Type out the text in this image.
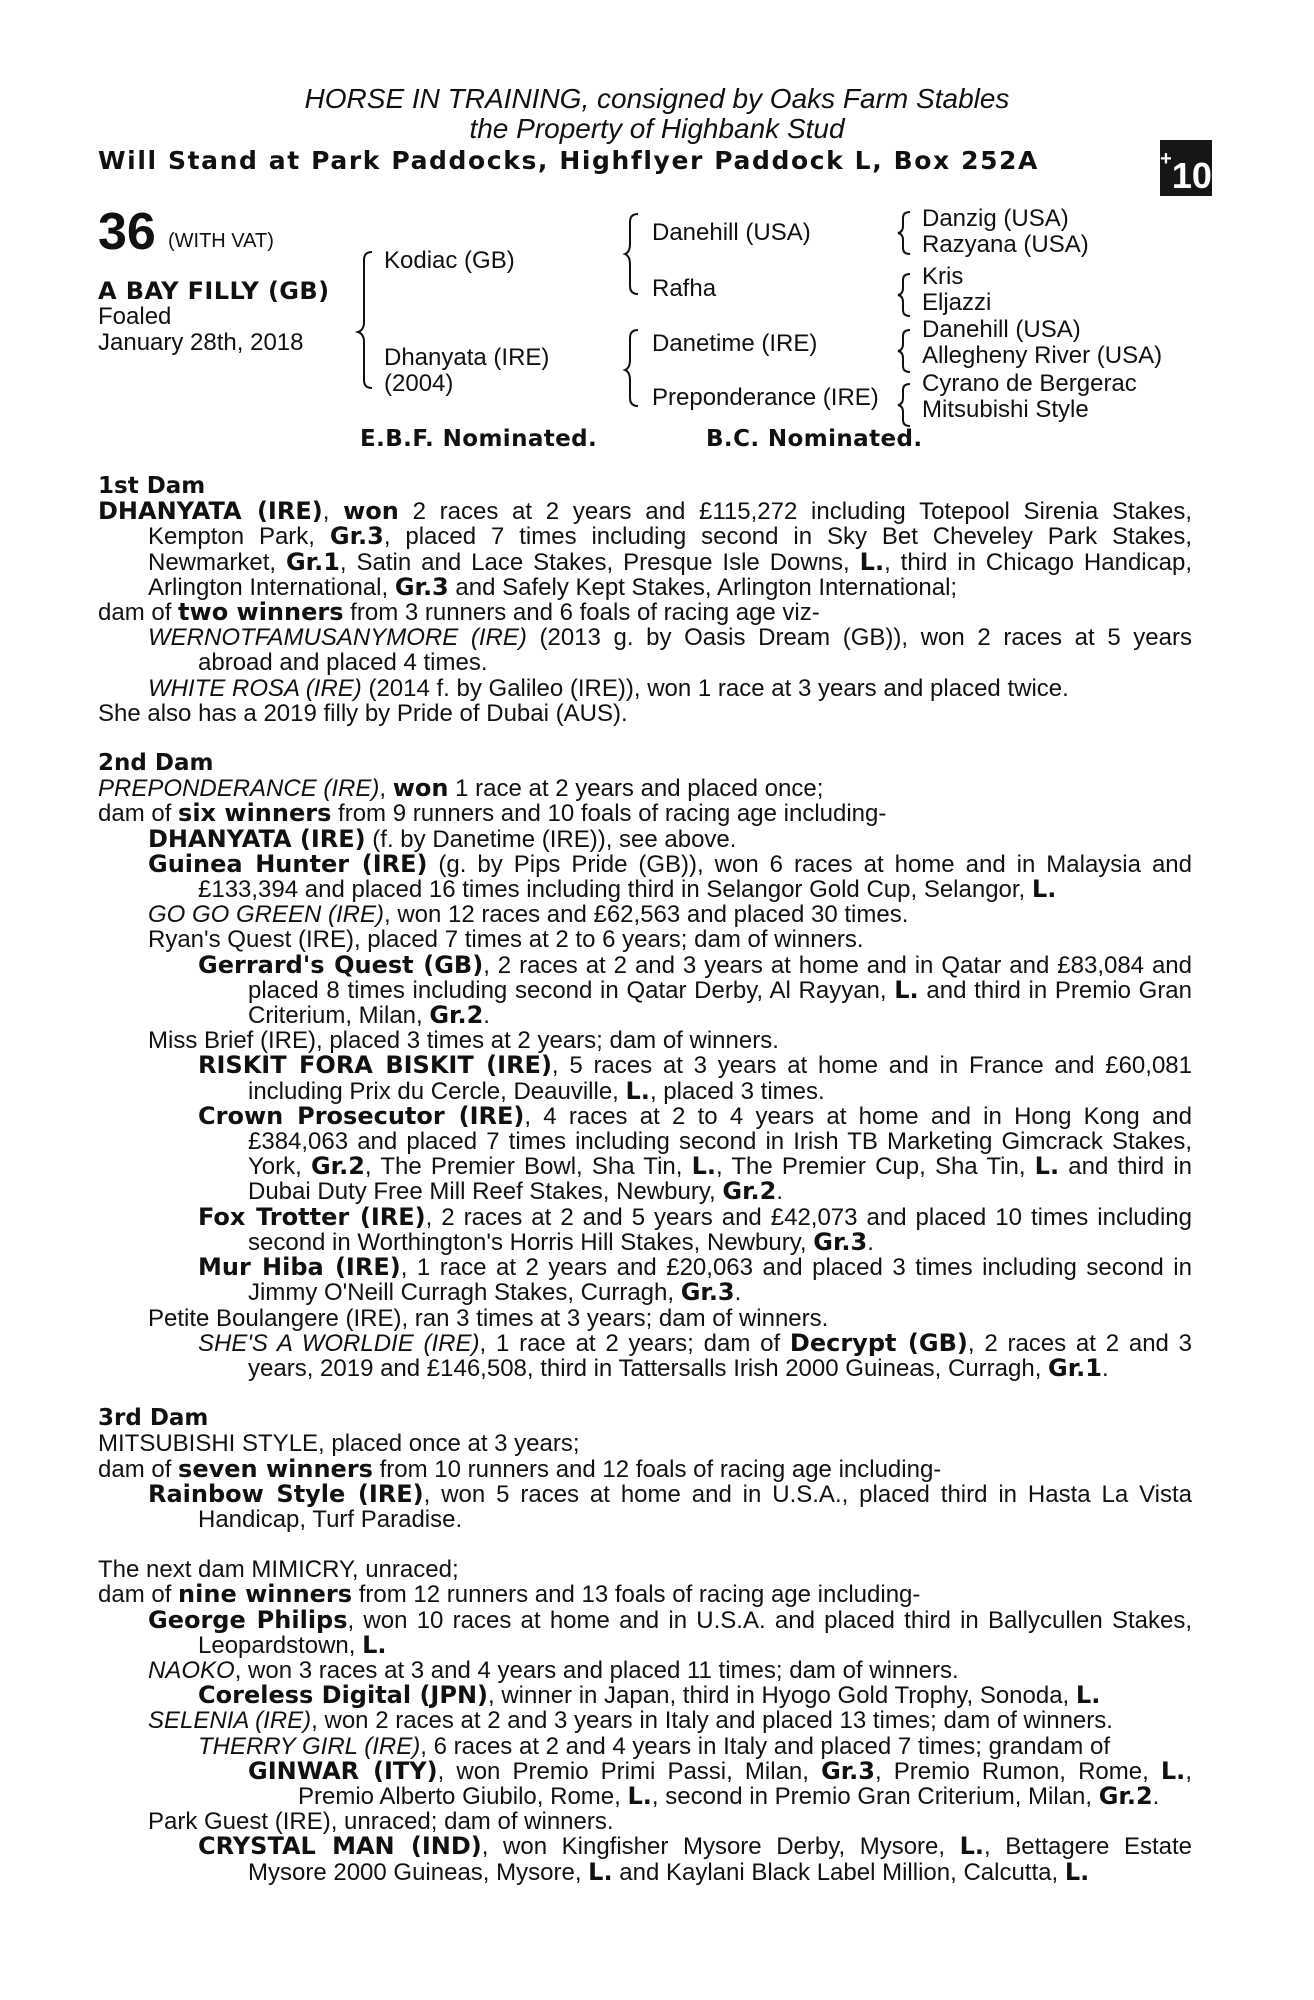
HORSE IN TRAINING, consigned by Oaks Farm Stables
the Property of Highbank Stud
Will Stand at Park Paddocks, Highflyer Paddock L, Box 252A	+10
36 (WITH VAT)
A BAY FILLY (GB)
Foaled
January 28th, 2018
Kodiac (GB)
Dhanyata (IRE)
(2004)
Danehill (USA)
Rafha
Danetime (IRE)
Preponderance (IRE)
Danzig (USA)
Razyana (USA)
Kris
Eljazzi
Danehill (USA)
Allegheny River (USA)
Cyrano de Bergerac
Mitsubishi Style
E.B.F. Nominated.	B.C. Nominated.

1st Dam

DHANYATA (IRE), won 2 races at 2 years and £115,272 including Totepool Sirenia Stakes, Kempton Park, Gr.3, placed 7 times including second in Sky Bet Cheveley Park Stakes, Newmarket, Gr.1, Satin and Lace Stakes, Presque Isle Downs, L., third in Chicago Handicap, Arlington International, Gr.3 and Safely Kept Stakes, Arlington International;

dam of two winners from 3 runners and 6 foals of racing age viz-

WERNOTFAMUSANYMORE (IRE) (2013 g. by Oasis Dream (GB)), won 2 races at 5 years abroad and placed 4 times.

WHITE ROSA (IRE) (2014 f. by Galileo (IRE)), won 1 race at 3 years and placed twice.

She also has a 2019 filly by Pride of Dubai (AUS).

2nd Dam

PREPONDERANCE (IRE), won 1 race at 2 years and placed once;

dam of six winners from 9 runners and 10 foals of racing age including-

DHANYATA (IRE) (f. by Danetime (IRE)), see above.

Guinea Hunter (IRE) (g. by Pips Pride (GB)), won 6 races at home and in Malaysia and £133,394 and placed 16 times including third in Selangor Gold Cup, Selangor, L.

GO GO GREEN (IRE), won 12 races and £62,563 and placed 30 times.

Ryan's Quest (IRE), placed 7 times at 2 to 6 years; dam of winners.

Gerrard's Quest (GB), 2 races at 2 and 3 years at home and in Qatar and £83,084 and placed 8 times including second in Qatar Derby, Al Rayyan, L. and third in Premio Gran Criterium, Milan, Gr.2.

Miss Brief (IRE), placed 3 times at 2 years; dam of winners.

RISKIT FORA BISKIT (IRE), 5 races at 3 years at home and in France and £60,081 including Prix du Cercle, Deauville, L., placed 3 times.

Crown Prosecutor (IRE), 4 races at 2 to 4 years at home and in Hong Kong and £384,063 and placed 7 times including second in Irish TB Marketing Gimcrack Stakes, York, Gr.2, The Premier Bowl, Sha Tin, L., The Premier Cup, Sha Tin, L. and third in Dubai Duty Free Mill Reef Stakes, Newbury, Gr.2.

Fox Trotter (IRE), 2 races at 2 and 5 years and £42,073 and placed 10 times including second in Worthington's Horris Hill Stakes, Newbury, Gr.3.

Mur Hiba (IRE), 1 race at 2 years and £20,063 and placed 3 times including second in Jimmy O'Neill Curragh Stakes, Curragh, Gr.3.

Petite Boulangere (IRE), ran 3 times at 3 years; dam of winners.

SHE'S A WORLDIE (IRE), 1 race at 2 years; dam of Decrypt (GB), 2 races at 2 and 3 years, 2019 and £146,508, third in Tattersalls Irish 2000 Guineas, Curragh, Gr.1.

3rd Dam

MITSUBISHI STYLE, placed once at 3 years;

dam of seven winners from 10 runners and 12 foals of racing age including-

Rainbow Style (IRE), won 5 races at home and in U.S.A., placed third in Hasta La Vista Handicap, Turf Paradise.

The next dam MIMICRY, unraced;

dam of nine winners from 12 runners and 13 foals of racing age including-

George Philips, won 10 races at home and in U.S.A. and placed third in Ballycullen Stakes, Leopardstown, L.

NAOKO, won 3 races at 3 and 4 years and placed 11 times; dam of winners.

Coreless Digital (JPN), winner in Japan, third in Hyogo Gold Trophy, Sonoda, L.

SELENIA (IRE), won 2 races at 2 and 3 years in Italy and placed 13 times; dam of winners.

THERRY GIRL (IRE), 6 races at 2 and 4 years in Italy and placed 7 times; grandam of

GINWAR (ITY), won Premio Primi Passi, Milan, Gr.3, Premio Rumon, Rome, L., Premio Alberto Giubilo, Rome, L., second in Premio Gran Criterium, Milan, Gr.2.

Park Guest (IRE), unraced; dam of winners.

CRYSTAL MAN (IND), won Kingfisher Mysore Derby, Mysore, L., Bettagere Estate Mysore 2000 Guineas, Mysore, L. and Kaylani Black Label Million, Calcutta, L.
